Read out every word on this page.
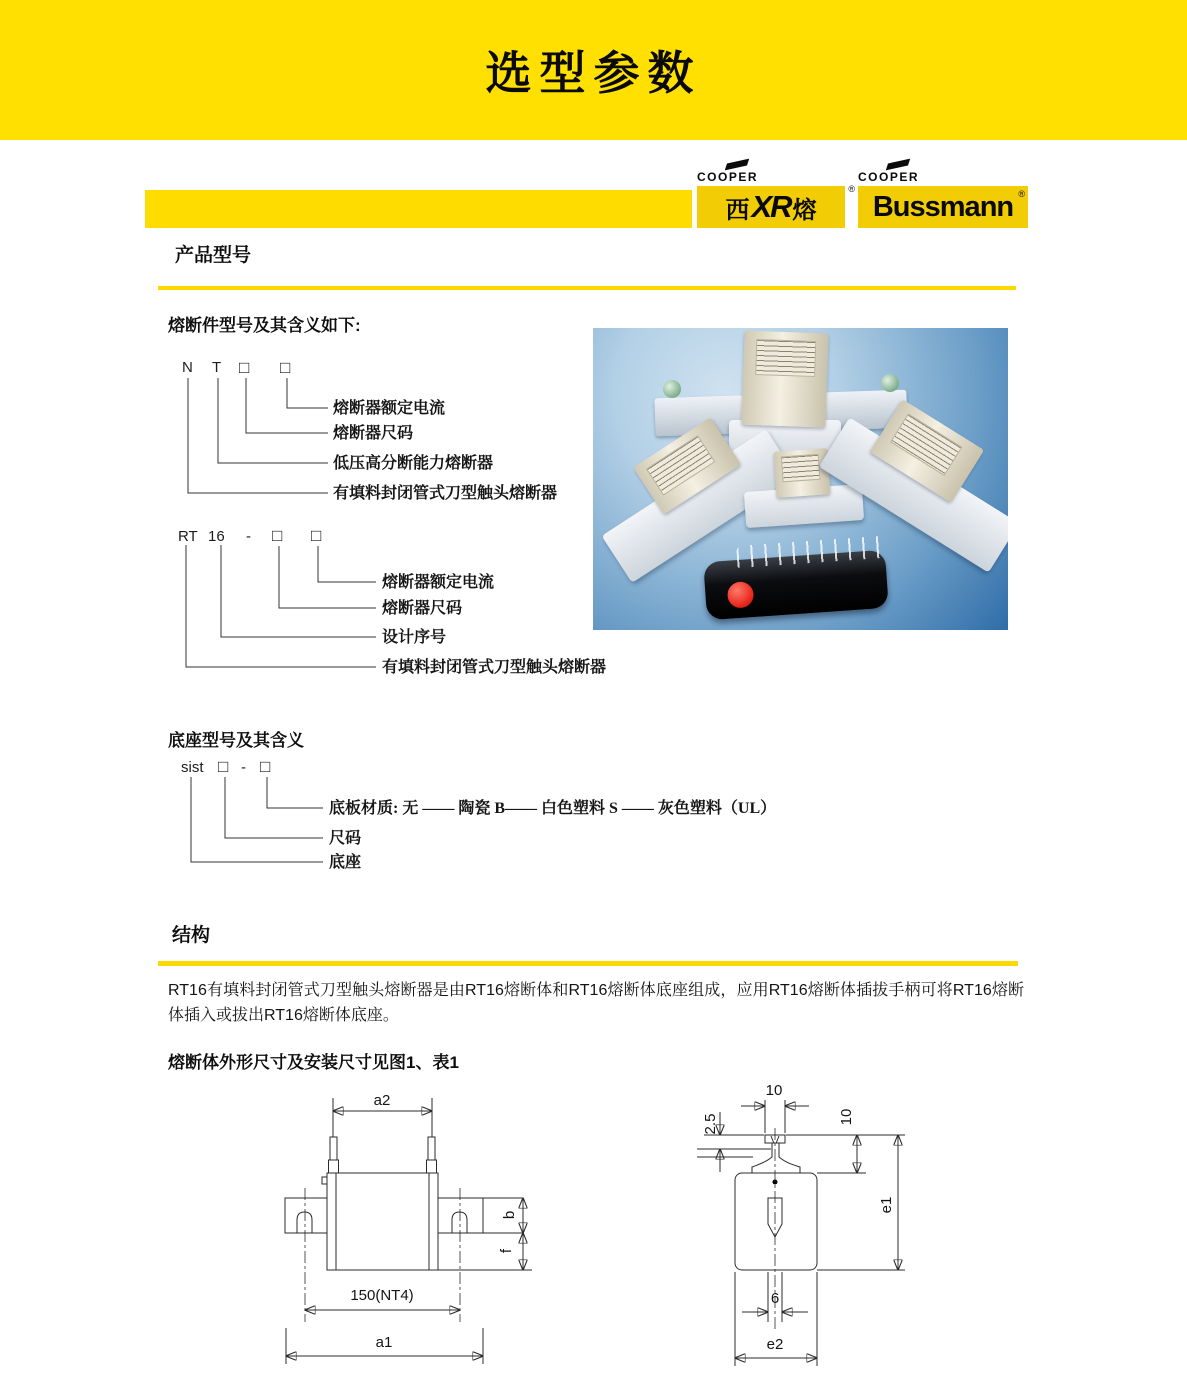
选型参数
COOPER
西 XR 熔
®
COOPER
Bussmann ®
产品型号
熔断件型号及其含义如下:
N T □ □
熔断器额定电流
熔断器尺码
低压高分断能力熔断器
有填料封闭管式刀型触头熔断器
RT 16 - □ □
熔断器额定电流
熔断器尺码
设计序号
有填料封闭管式刀型触头熔断器
底座型号及其含义
sist □ - □
底板材质: 无 —— 陶瓷 B—— 白色塑料 S —— 灰色塑料（UL）
尺码
底座
结构
RT16有填料封闭管式刀型触头熔断器是由RT16熔断体和RT16熔断体底座组成，应用RT16熔断体插拔手柄可将RT16熔断体插入或拔出RT16熔断体底座。
熔断体外形尺寸及安装尺寸见图1、表1
a2
b
f
150(NT4)
a1
10
2.5	10
e1
6
e2
